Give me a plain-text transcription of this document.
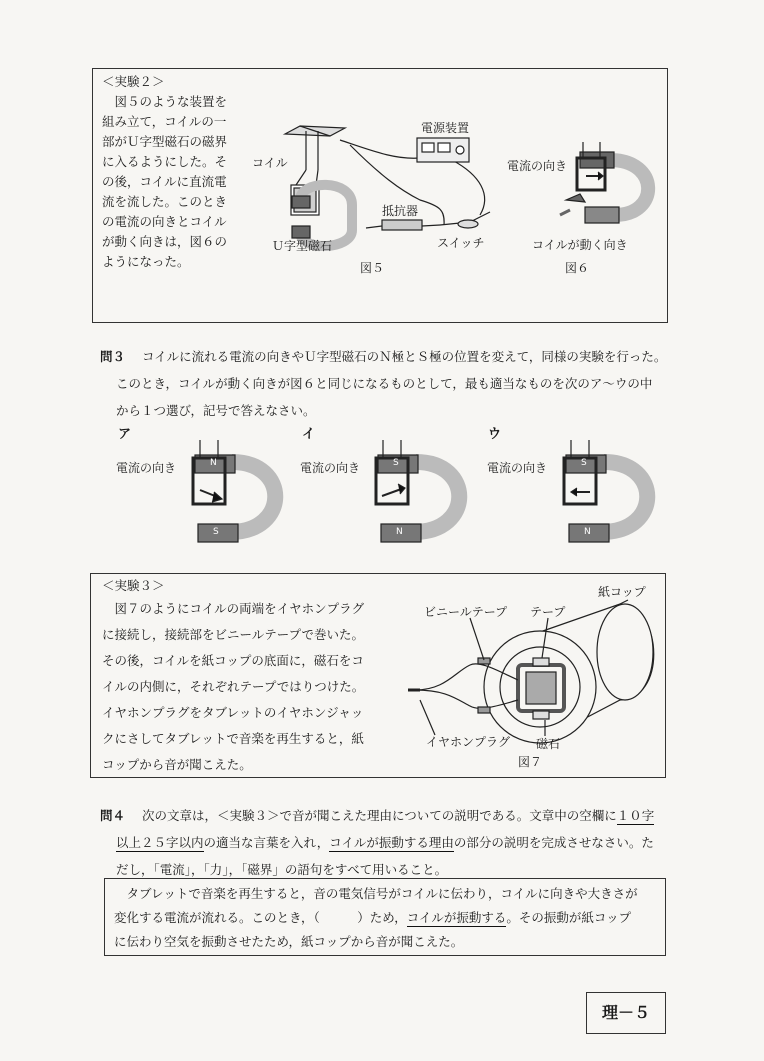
＜実験２＞
　図５のような装置を
組み立て，コイルの一
部がＵ字型磁石の磁界
に入るようにした。そ
の後，コイルに直流電
流を流した。このとき
の電流の向きとコイル
が動く向きは，図６の
ようになった。
電源装置
コイル
抵抗器
Ｕ字型磁石	スイッチ
図５
電流の向き
コイルが動く向き
図６
問３ コイルに流れる電流の向きやＵ字型磁石のＮ極とＳ極の位置を変えて，同様の実験を行った。
このとき，コイルが動く向きが図６と同じになるものとして，最も適当なものを次のア～ウの中
から１つ選び，記号で答えなさい。
ア
電流の向き	N
S
イ
電流の向き	S
N
ウ
電流の向き	S
N
＜実験３＞
　図７のようにコイルの両端をイヤホンプラグ
に接続し，接続部をビニールテープで巻いた。
その後，コイルを紙コップの底面に，磁石をコ
イルの内側に，それぞれテープではりつけた。
イヤホンプラグをタブレットのイヤホンジャッ
クにさしてタブレットで音楽を再生すると，紙
コップから音が聞こえた。
紙コップ
ビニールテープ テープ
イヤホンプラグ 磁石
図７
問４ 次の文章は，＜実験３＞で音が聞こえた理由についての説明である。文章中の空欄に１０字
以上２５字以内の適当な言葉を入れ，コイルが振動する理由の部分の説明を完成させなさい。た
だし，「電流」，「力」，「磁界」の語句をすべて用いること。
　タブレットで音楽を再生すると，音の電気信号がコイルに伝わり，コイルに向きや大きさが
変化する電流が流れる。このとき，（　　　）ため，コイルが振動する。その振動が紙コップ
に伝わり空気を振動させたため，紙コップから音が聞こえた。
理－５
